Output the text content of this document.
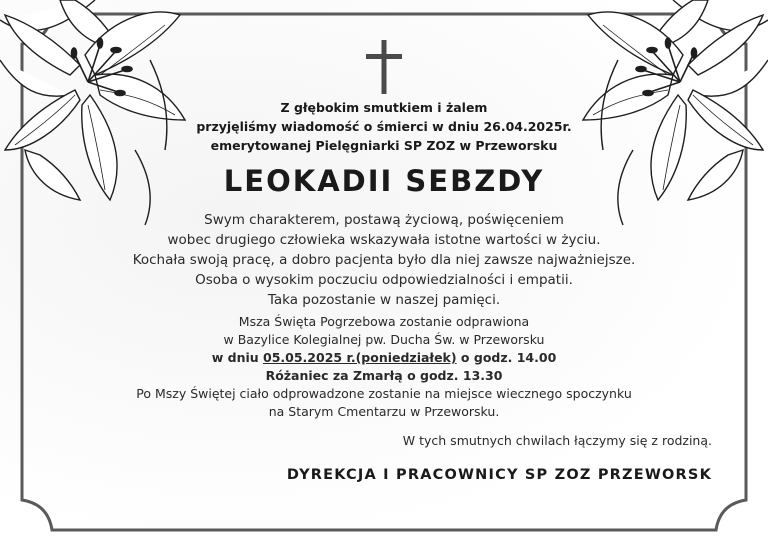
Z głębokim smutkiem i żalem
przyjęliśmy wiadomość o śmierci w dniu 26.04.2025r.
emerytowanej Pielęgniarki SP ZOZ w Przeworsku
LEOKADII SEBZDY
Swym charakterem, postawą życiową, poświęceniem
wobec drugiego człowieka wskazywała istotne wartości w życiu.
Kochała swoją pracę, a dobro pacjenta było dla niej zawsze najważniejsze.
Osoba o wysokim poczuciu odpowiedzialności i empatii.
Taka pozostanie w naszej pamięci.
Msza Święta Pogrzebowa zostanie odprawiona
w Bazylice Kolegialnej pw. Ducha Św. w Przeworsku
w dniu 05.05.2025 r.(poniedziałek) o godz. 14.00
Różaniec za Zmarłą o godz. 13.30
Po Mszy Świętej ciało odprowadzone zostanie na miejsce wiecznego spoczynku
na Starym Cmentarzu w Przeworsku.
W tych smutnych chwilach łączymy się z rodziną.
DYREKCJA I PRACOWNICY SP ZOZ PRZEWORSK
